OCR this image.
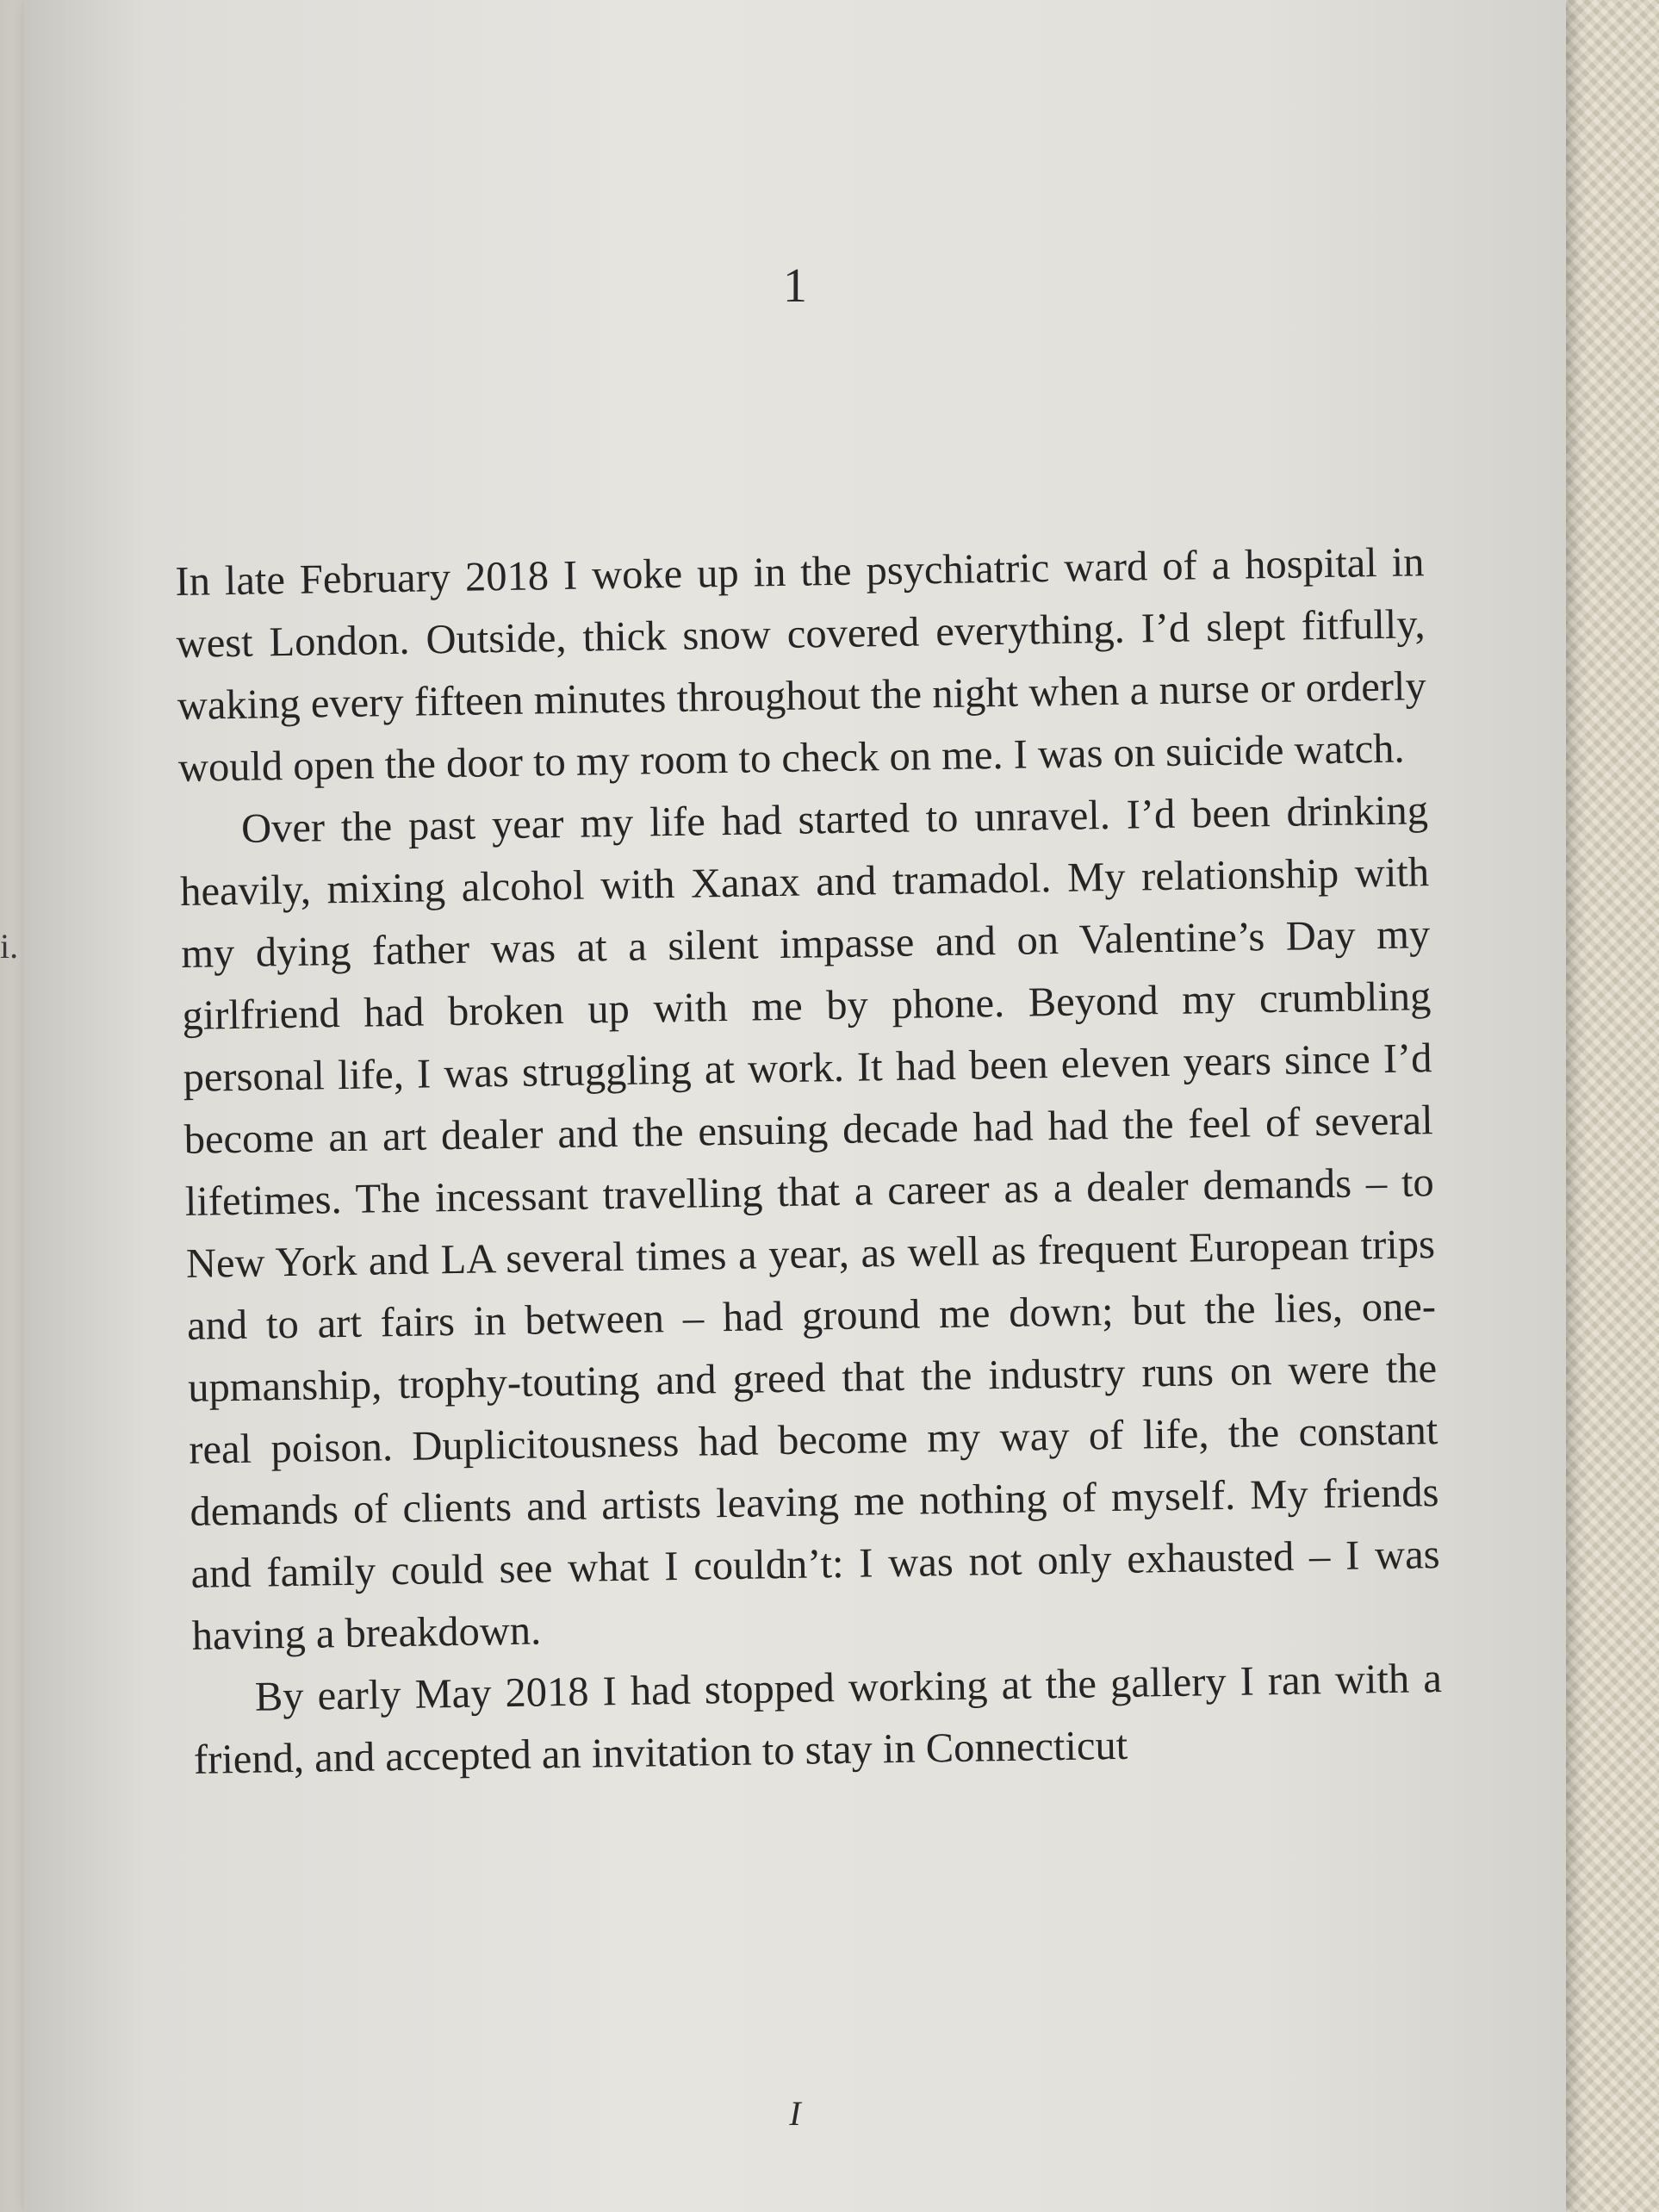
i.
1

In late February 2018 I woke up in the psychiatric ward of a hospital in west London. Outside, thick snow covered everything. I’d slept fitfully, waking every fifteen minutes throughout the night when a nurse or orderly would open the door to my room to check on me. I was on suicide watch.

Over the past year my life had started to unravel. I’d been drinking heavily, mixing alcohol with Xanax and tramadol. My relationship with my dying father was at a silent impasse and on Valentine’s Day my girlfriend had broken up with me by phone. Beyond my crumbling personal life, I was struggling at work. It had been eleven years since I’d become an art dealer and the ensuing decade had had the feel of several lifetimes. The incessant travelling that a career as a dealer demands – to New York and LA several times a year, as well as frequent European trips and to art fairs in between – had ground me down; but the lies, one-upmanship, trophy-touting and greed that the industry runs on were the real poison. Duplicitousness had become my way of life, the constant demands of clients and artists leaving me nothing of myself. My friends and family could see what I couldn’t: I was not only exhausted – I was having a breakdown.

By early May 2018 I had stopped working at the gallery I ran with a friend, and accepted an invitation to stay in Connecticut

I
